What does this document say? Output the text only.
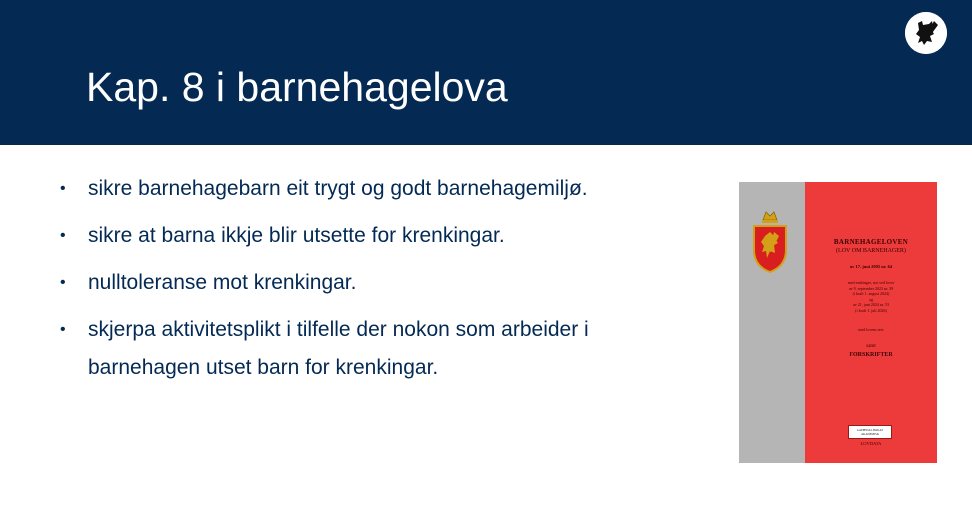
Kap. 8 i barnehagelova
• sikre barnehagebarn eit trygt og godt barnehagemiljø.
• sikre at barna ikkje blir utsette for krenkingar.
• nulltoleranse mot krenkingar.
• skjerpa aktivitetsplikt i tilfelle der nokon som arbeider i barnehagen utset barn for krenkingar.
BARNEHAGELOVEN
(LOV OM BARNEHAGER)
av 17. juni 2005 nr. 64
med endringer, sist ved lover
av 9. september 2023 nr. 39
(i kraft 1. august 2024)
og
av 21. juni 2024 nr. 53
(i kraft 1. juli 2026)
med lovens text
samt
FORSKRIFTER
GAPPEDAL BOKAS AKADEMISK
LOVDATA
